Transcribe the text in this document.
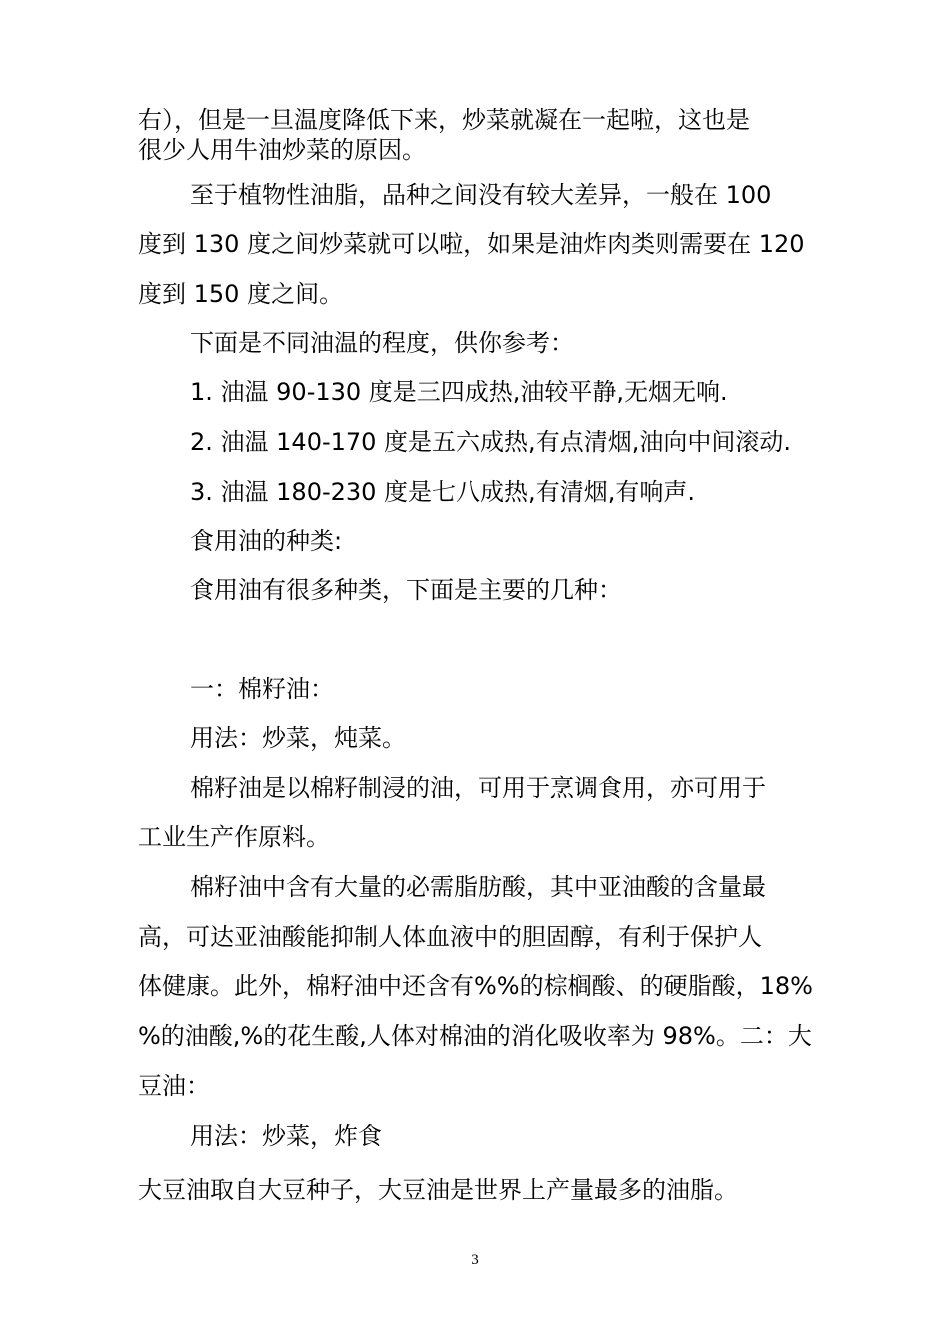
右），但是一旦温度降低下来，炒菜就凝在一起啦，这也是
很少人用牛油炒菜的原因。
至于植物性油脂，品种之间没有较大差异，一般在 100
度到 130 度之间炒菜就可以啦，如果是油炸肉类则需要在 120
度到 150 度之间。
下面是不同油温的程度，供你参考：
1. 油温 90-130 度是三四成热,油较平静,无烟无响.
2. 油温 140-170 度是五六成热,有点清烟,油向中间滚动.
3. 油温 180-230 度是七八成热,有清烟,有响声.
食用油的种类:
食用油有很多种类，下面是主要的几种：
一：棉籽油：
用法：炒菜，炖菜。
棉籽油是以棉籽制浸的油，可用于烹调食用，亦可用于
工业生产作原料。
棉籽油中含有大量的必需脂肪酸，其中亚油酸的含量最
高，可达亚油酸能抑制人体血液中的胆固醇，有利于保护人
体健康。此外，棉籽油中还含有%%的棕榈酸、的硬脂酸，18%
%的油酸,%的花生酸,人体对棉油的消化吸收率为 98%。二：大
豆油：
用法：炒菜，炸食
大豆油取自大豆种子，大豆油是世界上产量最多的油脂。
3
